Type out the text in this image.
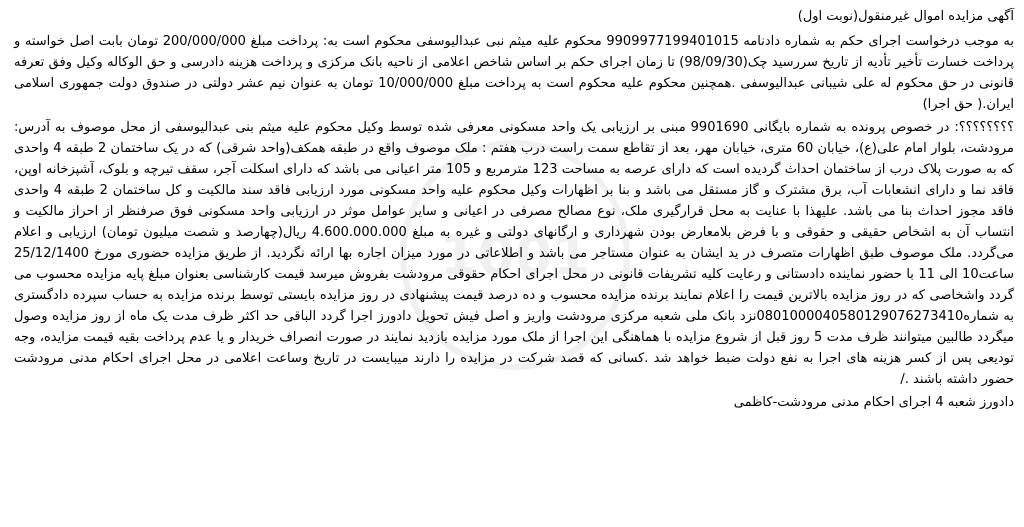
1001
آگهی مزایده اموال غیرمنقول(نوبت اول)

به موجب درخواست اجرای حکم به شماره دادنامه 9909977199401015 محکوم علیه میثم نبی عبدالیوسفی محکوم است به: پرداخت مبلغ 200/000/000 تومان بابت اصل خواسته و پرداخت خسارت تأخیر تأدیه از تاریخ سررسید چک(98/09/30) تا زمان اجرای حکم بر اساس شاخص اعلامی از ناحیه بانک مرکزی و پرداخت هزینه دادرسی و حق الوکاله وکیل وفق تعرفه قانونی در حق محکوم له علی شیبانی عبدالیوسفی .همچنین محکوم علیه محکوم است به پرداخت مبلغ 10/000/000 تومان به عنوان نیم عشر دولتی در صندوق دولت جمهوری اسلامی ایران.( حق اجرا)

؟؟؟؟؟؟؟؟: در خصوص پرونده به شماره بایگانی 9901690 مبنی بر ارزیابی یک واحد مسکونی معرفی شده توسط وکیل محکوم علیه میثم بنی عبدالیوسفی از محل موصوف به آدرس: مرودشت، بلوار امام علی(ع)، خیابان 60 متری، خیابان مهر، بعد از تقاطع سمت راست درب هفتم : ملک موصوف واقع در طبقه همکف(واحد شرقی) که در یک ساختمان 2 طبقه 4 واحدی که به صورت پلاک درب از ساختمان احداث گردیده است که دارای عرصه به مساحت 123 مترمربع و 105 متر اعیانی می باشد که دارای اسکلت آجر، سقف تیرچه و بلوک، آشپزخانه اوپن، فاقد نما و دارای انشعابات آب، برق مشترک و گاز مستقل می باشد و بنا بر اظهارات وکیل محکوم علیه واحد مسکونی مورد ارزیابی فاقد سند مالکیت و کل ساختمان 2 طبقه 4 واحدی فاقد مجوز احداث بنا می باشد. علیهذا با عنایت به محل قرارگیری ملک، نوع مصالح مصرفی در اعیانی و سایر عوامل موثر در ارزیابی واحد مسکونی فوق صرفنظر از احراز مالکیت و انتساب آن به اشخاص حقیقی و حقوقی و با فرض بلامعارض بودن شهرداری و ارگانهای دولتی و غیره به مبلغ 4.600.000.000 ریال(چهارصد و شصت میلیون تومان) ارزیابی و اعلام می‌گردد. ملک موصوف طبق اظهارات متصرف در ید ایشان به عنوان مستاجر می باشد و اطلاعاتی در مورد میزان اجاره بها ارائه نگردید. از طریق مزایده حضوری مورخ 25/12/1400 ساعت10 الی 11 با حضور نماینده دادستانی و رعایت کلیه تشریفات قانونی در محل اجرای احکام حقوقی مرودشت بفروش میرسد قیمت کارشناسی بعنوان مبلغ پایه مزایده محسوب می گردد واشخاصی که در روز مزایده بالاترین قیمت را اعلام نمایند برنده مزایده محسوب و ده درصد قیمت پیشنهادی در روز مزایده بایستی توسط برنده مزایده به حساب سپرده دادگستری به شماره0801000040580129076273410نزد بانک ملی شعبه مرکزی مرودشت واریز و اصل فیش تحویل دادورز اجرا گردد الباقی حد اکثر ظرف مدت یک ماه از روز مزایده وصول میگردد طالبین میتوانند ظرف مدت 5 روز قبل از شروع مزایده با هماهنگی این اجرا از ملک مورد مزایده بازدید نمایند در صورت انصراف خریدار و یا عدم پرداخت بقیه قیمت مزایده، وجه تودیعی پس از کسر هزینه های اجرا به نفع دولت ضبط خواهد شد .کسانی که قصد شرکت در مزایده را دارند میبایست در تاریخ وساعت اعلامی در محل اجرای احکام مدنی مرودشت حضور داشته باشند ./

دادورز شعبه 4 اجرای احکام مدنی مرودشت-کاظمی
